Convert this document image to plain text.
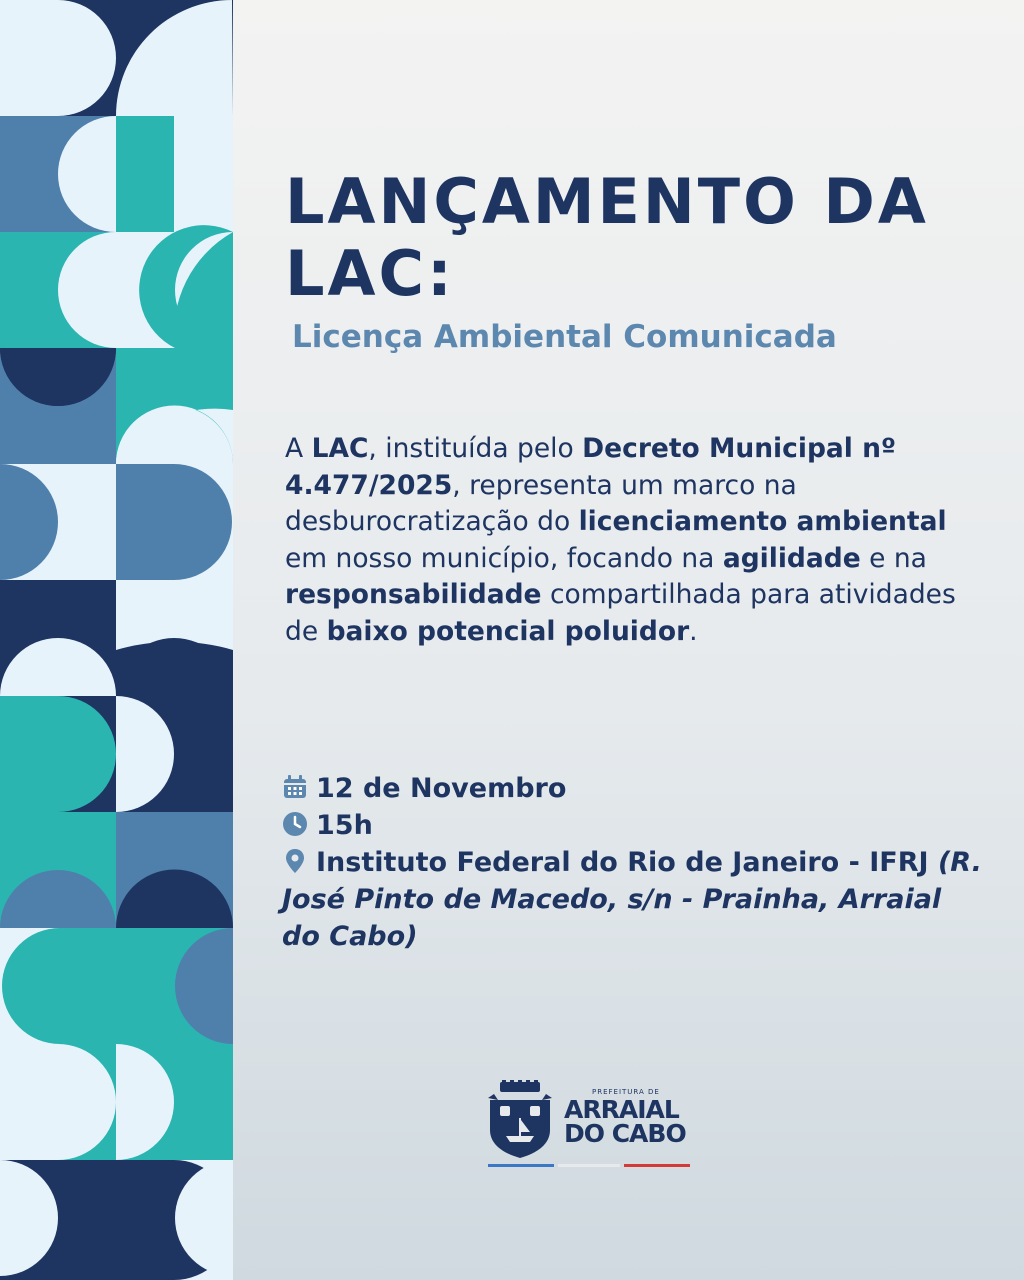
LANÇAMENTO DA LAC:
Licença Ambiental Comunicada
A LAC, instituída pelo Decreto Municipal nº 4.477/2025, representa um marco na desburocratização do licenciamento ambiental em nosso município, focando na agilidade e na responsabilidade compartilhada para atividades de baixo potencial poluidor.
12 de Novembro
15h
Instituto Federal do Rio de Janeiro - IFRJ (R. José Pinto de Macedo, s/n - Prainha, Arraial do Cabo)
PREFEITURA DE
ARRAIAL
DO CABO
